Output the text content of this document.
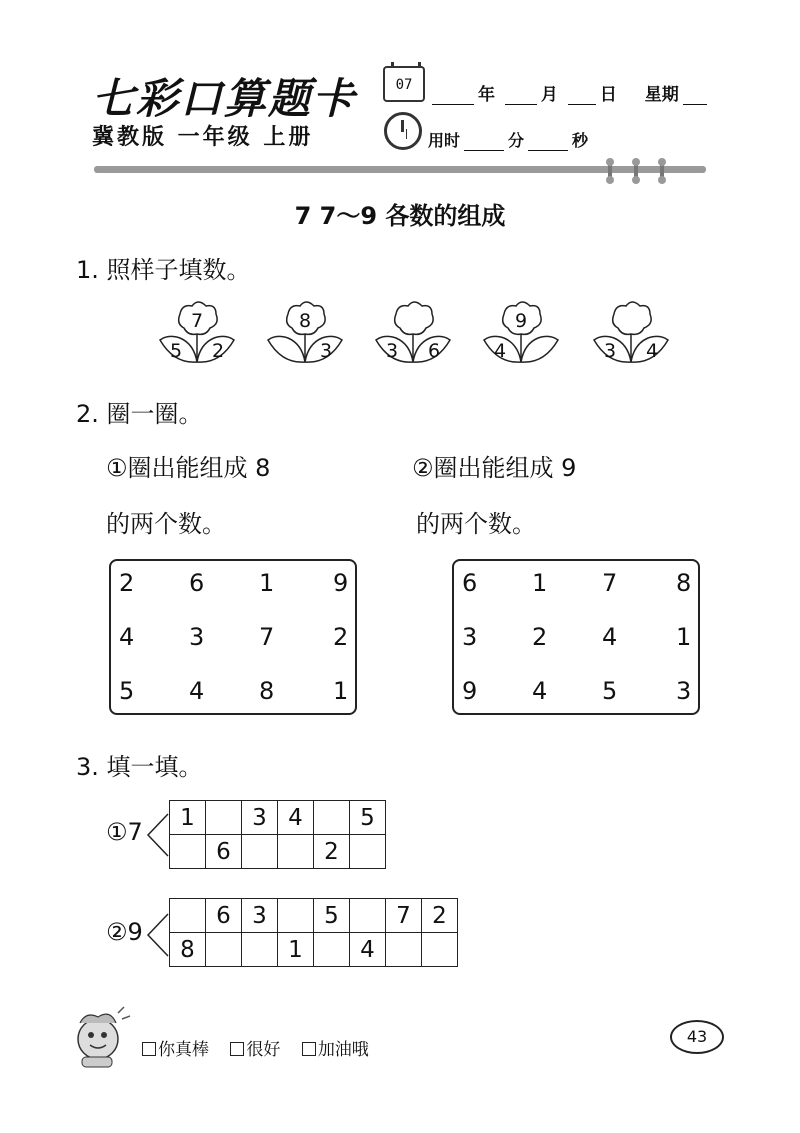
七彩口算题卡
冀教版 一年级 上册
07	年	月 日 星期
用时	分	秒
7 7～9 各数的组成
1. 照样子填数。
7
5	2
8
3	3	6
9
4	3	4
2. 圈一圈。
①圈出能组成 8
的两个数。
②圈出能组成 9
的两个数。
2 6 1 9
4 3 7 2
5 4 8 1
6 1 7 8
3 2 4 1
9 4 5 3
3. 填一填。
①7
1		3	4		5
	6			2	
②9
	6	3		5		7	2
8			1		4		
你真棒 很好 加油哦
43
